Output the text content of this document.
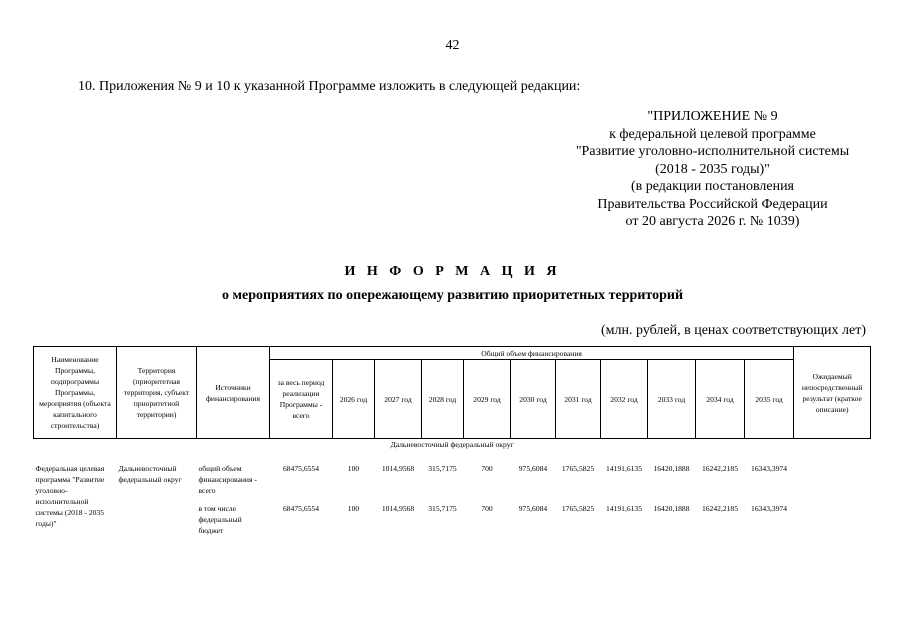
42
10. Приложения № 9 и 10 к указанной Программе изложить в следующей редакции:
"ПРИЛОЖЕНИЕ № 9
к федеральной целевой программе
"Развитие уголовно-исполнительной системы
(2018 - 2035 годы)"
(в редакции постановления
Правительства Российской Федерации
от 20 августа 2026 г. № 1039)
И Н Ф О Р М А Ц И Я
о мероприятиях по опережающему развитию приоритетных территорий
(млн. рублей, в ценах соответствующих лет)
Наименование Программы, подпрограммы Программы, мероприятия (объекта капитального строительства)	Территория (приоритетная территория, субъект приоритетной территории)	Источники финансирования	Общий объем финансирования											Ожидаемый непосредственный результат (краткое описание)
			за весь период реализации Программы - всего	2026 год	2027 год	2028 год	2029 год	2030 год	2031 год	2032 год	2033 год	2034 год	2035 год	
Дальневосточный федеральный округ														
Федеральная целевая программа "Развитие уголовно-исполнительной системы (2018 - 2035 годы)"	Дальневосточный федеральный округ	общий объем финансирования - всего	68475,6554	100	1014,9568	315,7175	700	975,6084	1765,5825	14191,6135	16420,1888	16242,2185	16343,3974	
		в том числе федеральный бюджет	68475,6554	100	1014,9568	315,7175	700	975,6084	1765,5825	14191,6135	16420,1888	16242,2185	16343,3974	
